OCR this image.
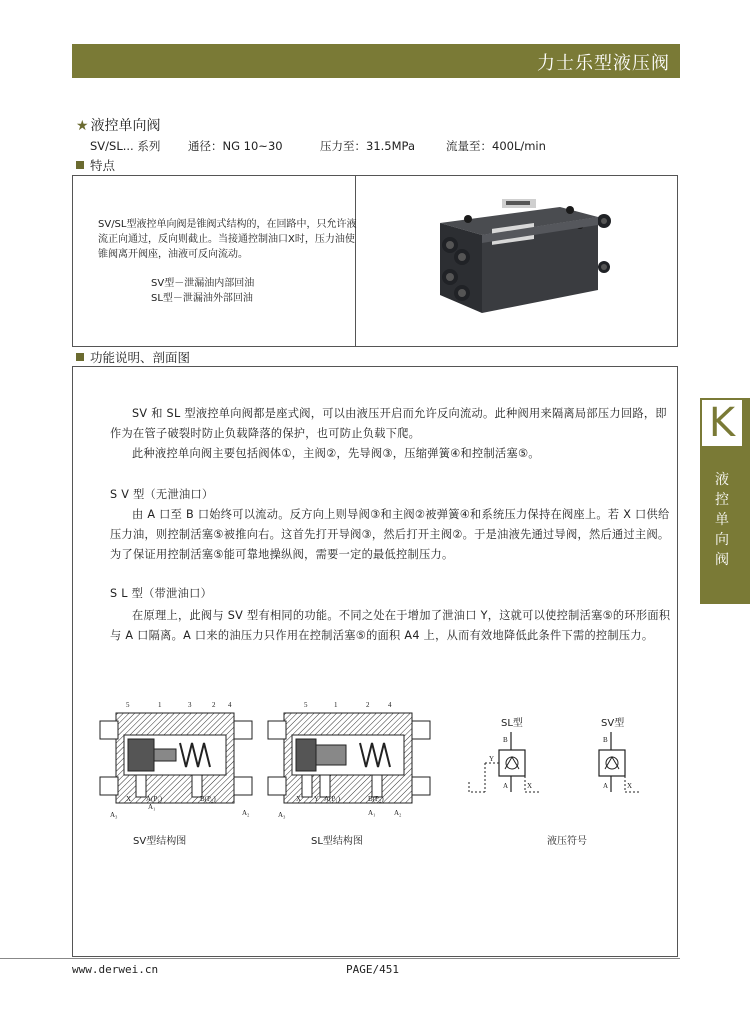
力士乐型液压阀
★ 液控单向阀
SV/SL... 系列 通径：NG 10~30	压力至：31.5MPa	流量至：400L/min
特点
SV/SL型液控单向阀是锥阀式结构的，在回路中，只允许液流正向通过，反向则截止。当接通控制油口X时，压力油使锥阀离开阀座，油液可反向流动。
SV型－泄漏油内部回油
SL型－泄漏油外部回油
功能说明、剖面图
SV 和 SL 型液控单向阀都是座式阀，可以由液压开启而允许反向流动。此种阀用来隔离局部压力回路，即作为在管子破裂时防止负载降落的保护，也可防止负载下爬。
此种液控单向阀主要包括阀体①，主阀②，先导阀③，压缩弹簧④和控制活塞⑤。
S V 型（无泄油口）
由 A 口至 B 口始终可以流动。反方向上则导阀③和主阀②被弹簧④和系统压力保持在阀座上。若 X 口供给压力油，则控制活塞⑤被推向右。这首先打开导阀③，然后打开主阀②。于是油液先通过导阀，然后通过主阀。为了保证用控制活塞⑤能可靠地操纵阀，需要一定的最低控制压力。
S L 型（带泄油口）
在原理上，此阀与 SV 型有相同的功能。不同之处在于增加了泄油口 Y，这就可以使控制活塞⑤的环形面积与 A 口隔离。A 口来的油压力只作用在控制活塞⑤的面积 A4 上，从而有效地降低此条件下需的控制压力。
K
液控单向阀
5	1	3	2 4
X A(P₁)	B(P₂)
A₃
A₁
A₂
5	1	2	4
X Y A(P₁)	B(P₂)
A₃	A₁	A₂
SL型	SV型
B
A
Y
X
B
A	X
SV型结构图	SL型结构图	液压符号
www.derwei.cn	PAGE/451
